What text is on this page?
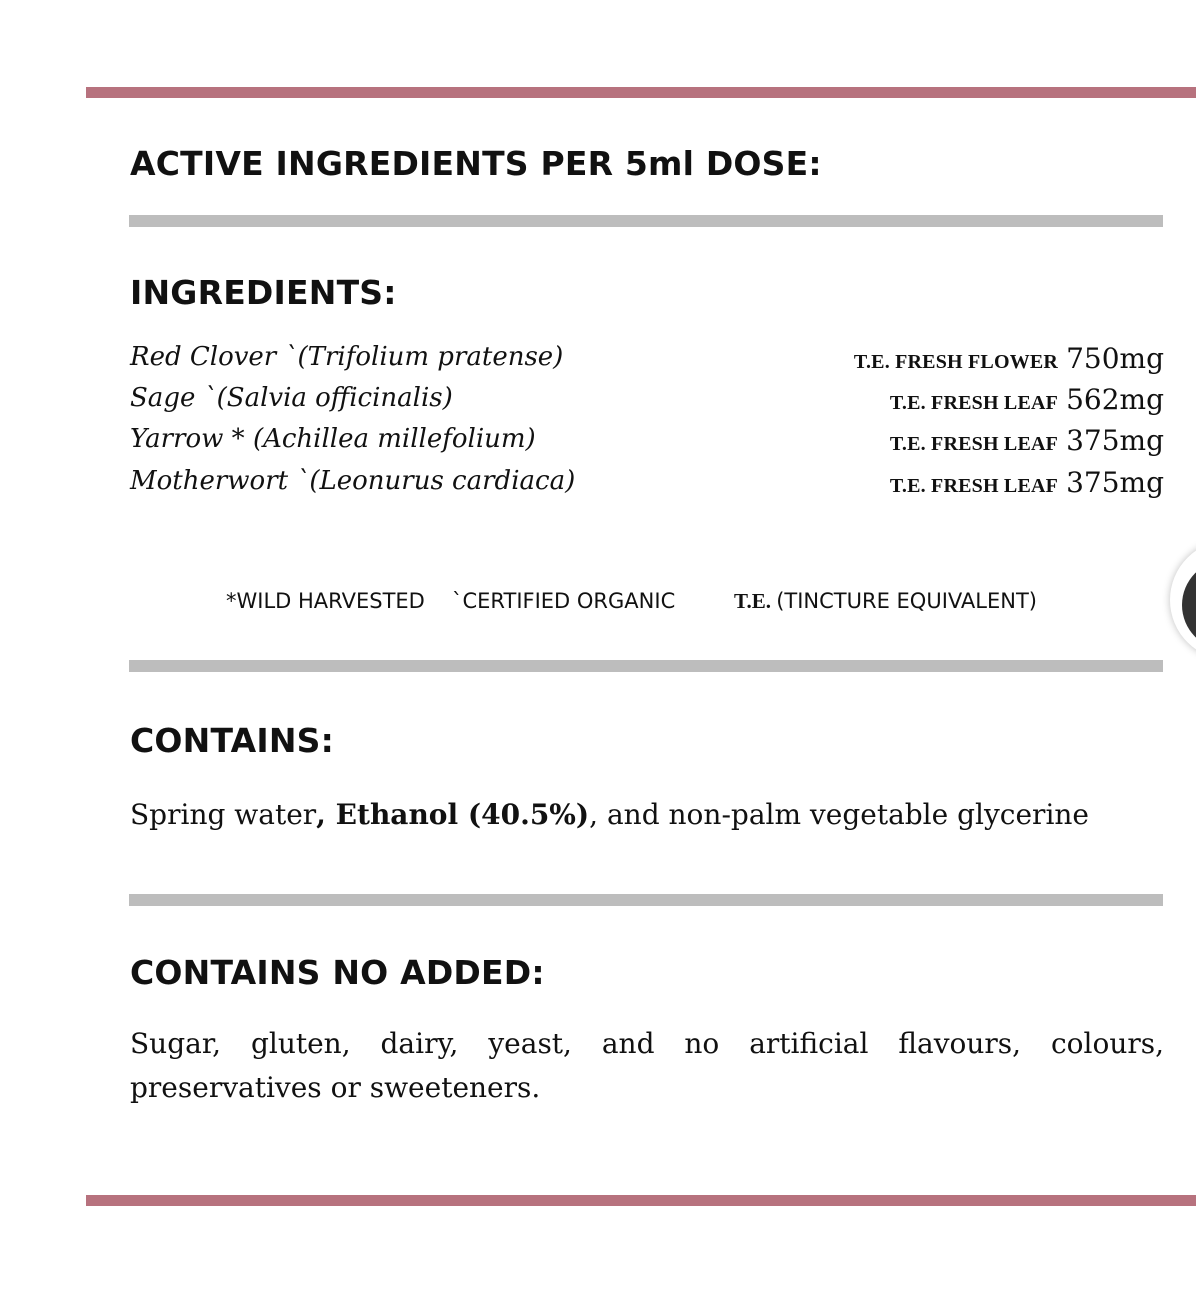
ACTIVE INGREDIENTS PER 5ml DOSE:
INGREDIENTS:
Red Clover `(Trifolium pratense)	T.E. FRESH FLOWER 750mg
Sage `(Salvia officinalis)	T.E. FRESH LEAF 562mg
Yarrow * (Achillea millefolium)	T.E. FRESH LEAF 375mg
Motherwort `(Leonurus cardiaca)	T.E. FRESH LEAF 375mg
*WILD HARVESTED `CERTIFIED ORGANIC	T.E. (TINCTURE EQUIVALENT)
CONTAINS:

Spring water, Ethanol (40.5%), and non-palm vegetable glycerine

CONTAINS NO ADDED:

Sugar, gluten, dairy, yeast, and no artificial flavours, colours, preservatives or sweeteners.
